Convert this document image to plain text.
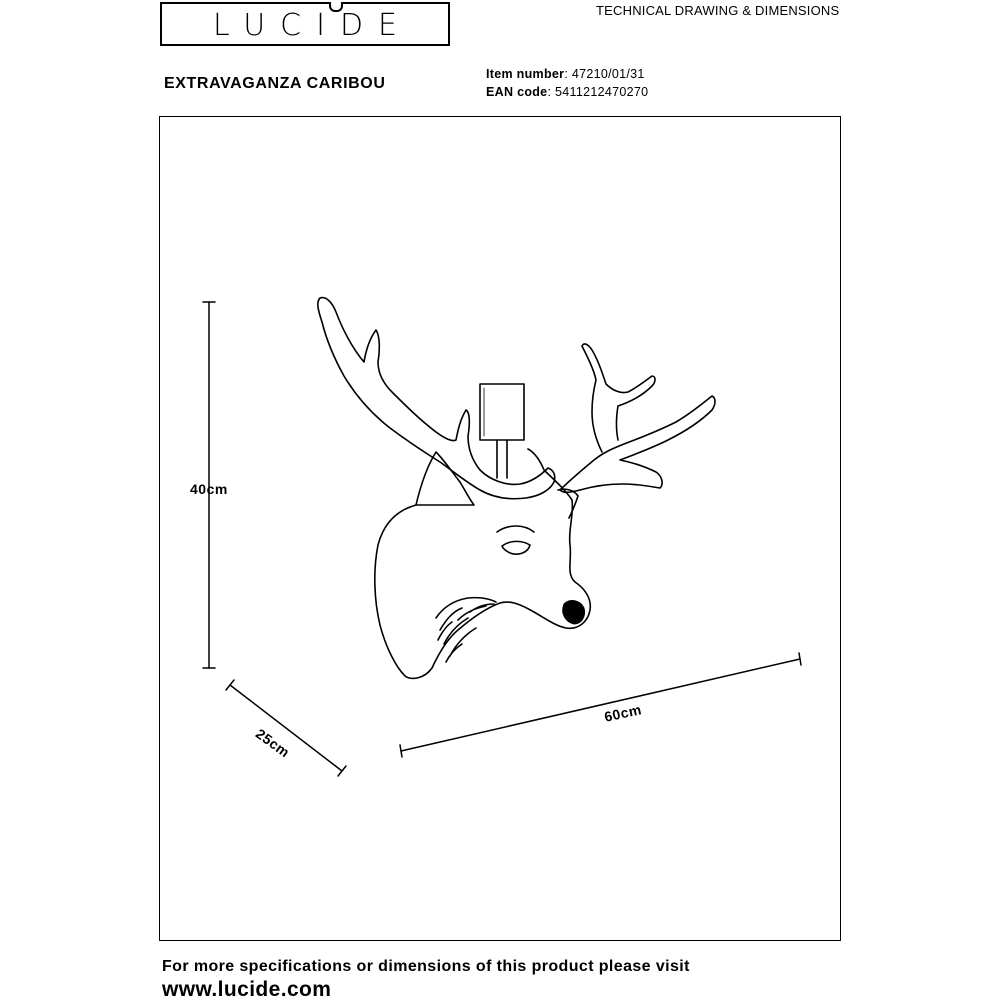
LUCIDE	TECHNICAL DRAWING & DIMENSIONS
EXTRAVAGANZA CARIBOU
Item number: 47210/01/31
EAN code: 5411212470270
40cm
60cm
25cm
For more specifications or dimensions of this product please visit
www.lucide.com
